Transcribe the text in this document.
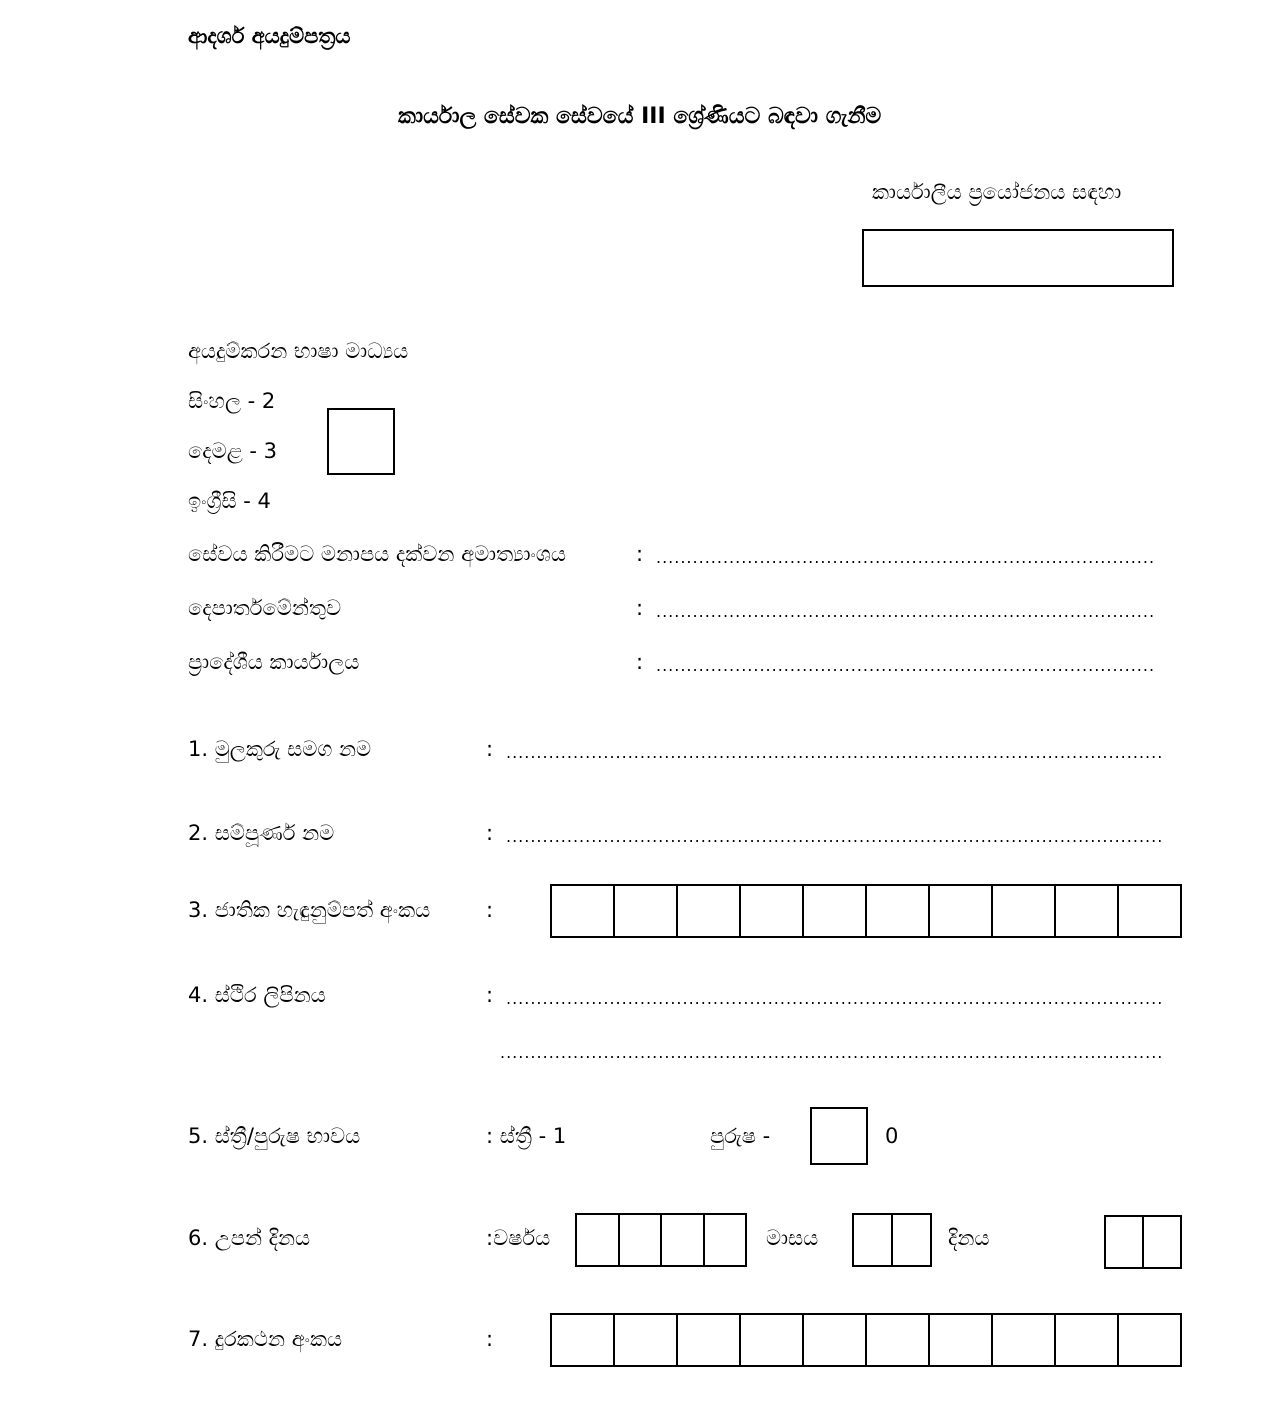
ආදර්ශ අයදුම්පත්‍රය
කාර්යාල සේවක සේවයේ III ශ්‍රේණියට බඳවා ගැනීම
කාර්යාලීය ප්‍රයෝජනය සඳහා
අයදුම්කරන භාෂා මාධ්‍යය
සිංහල - 2
දෙමළ - 3
ඉංග්‍රීසි - 4
සේවය කිරීමට මනාපය දක්වන අමාත්‍යාංශය	:
.....
දෙපාර්තමේන්තුව	:
.....
ප්‍රාදේශීය කාර්යාලය	:
.....
1. මුලකුරු සමග නම	:
.....
2. සම්පූර්ණ නම	:
.....
3. ජාතික හැඳුනුම්පත් අංකය	:
4. ස්ථිර ලිපිනය	:
.....
.....
5. ස්ත්‍රී/පුරුෂ භාවය	: ස්ත්‍රී - 1	පුරුෂ -	0
6. උපන් දිනය	:වර්ෂය	මාසය	දිනය
7. දුරකථන අංකය	:
